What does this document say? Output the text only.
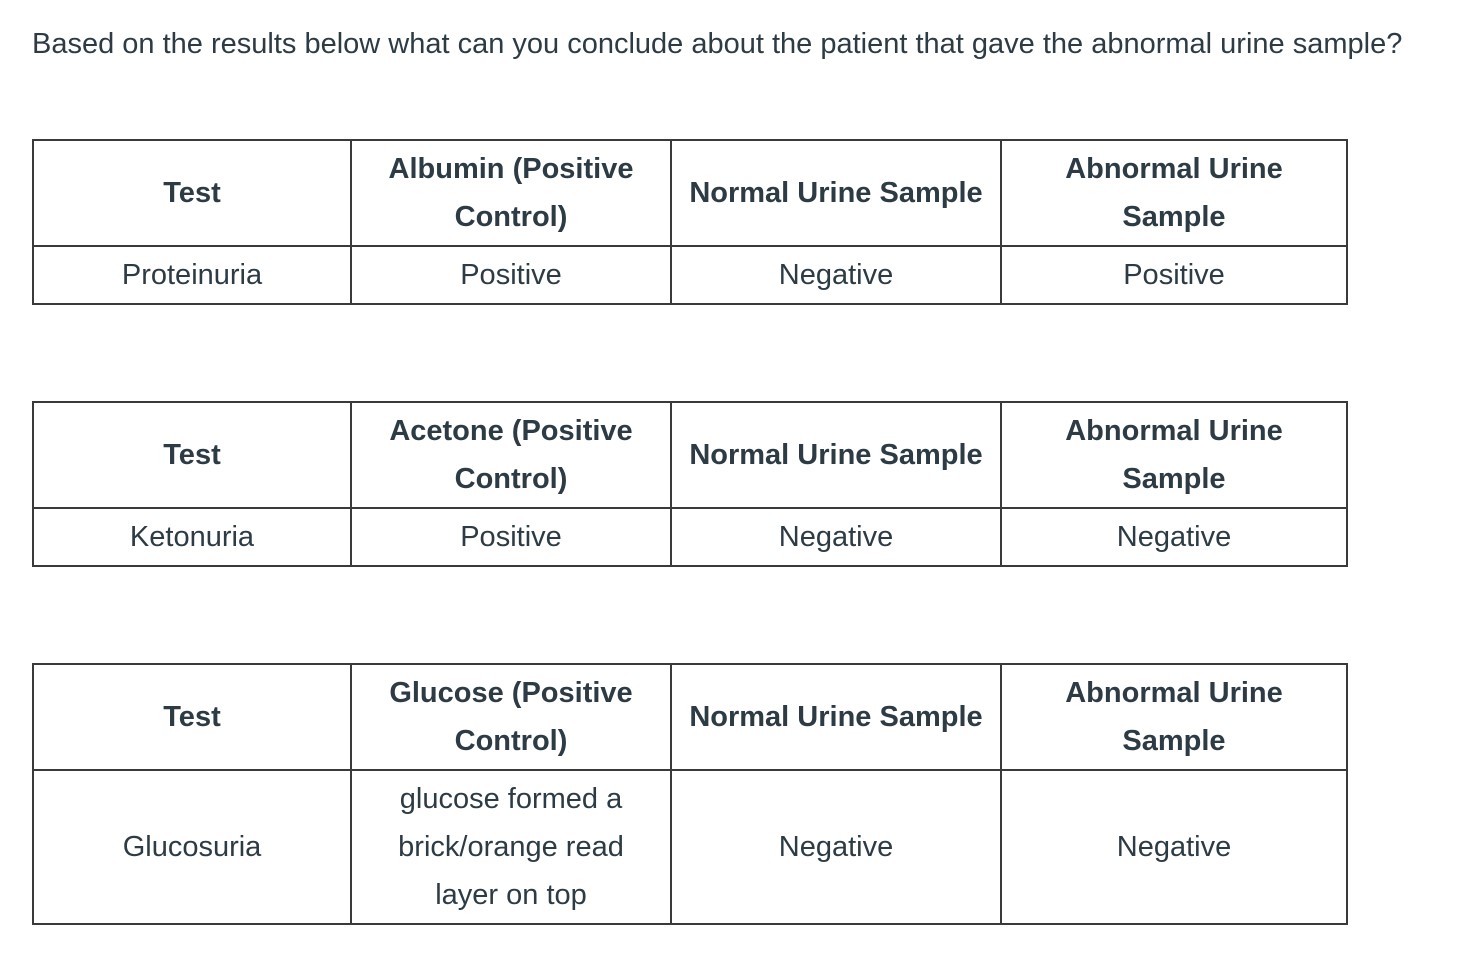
Based on the results below what can you conclude about the patient that gave the abnormal urine sample?

Test	Albumin (Positive Control)	Normal Urine Sample	Abnormal Urine Sample
Proteinuria	Positive	Negative	Positive
Test	Acetone (Positive Control)	Normal Urine Sample	Abnormal Urine Sample
Ketonuria	Positive	Negative	Negative
Test	Glucose (Positive Control)	Normal Urine Sample	Abnormal Urine Sample
Glucosuria	glucose formed a brick/orange read layer on top	Negative	Negative
